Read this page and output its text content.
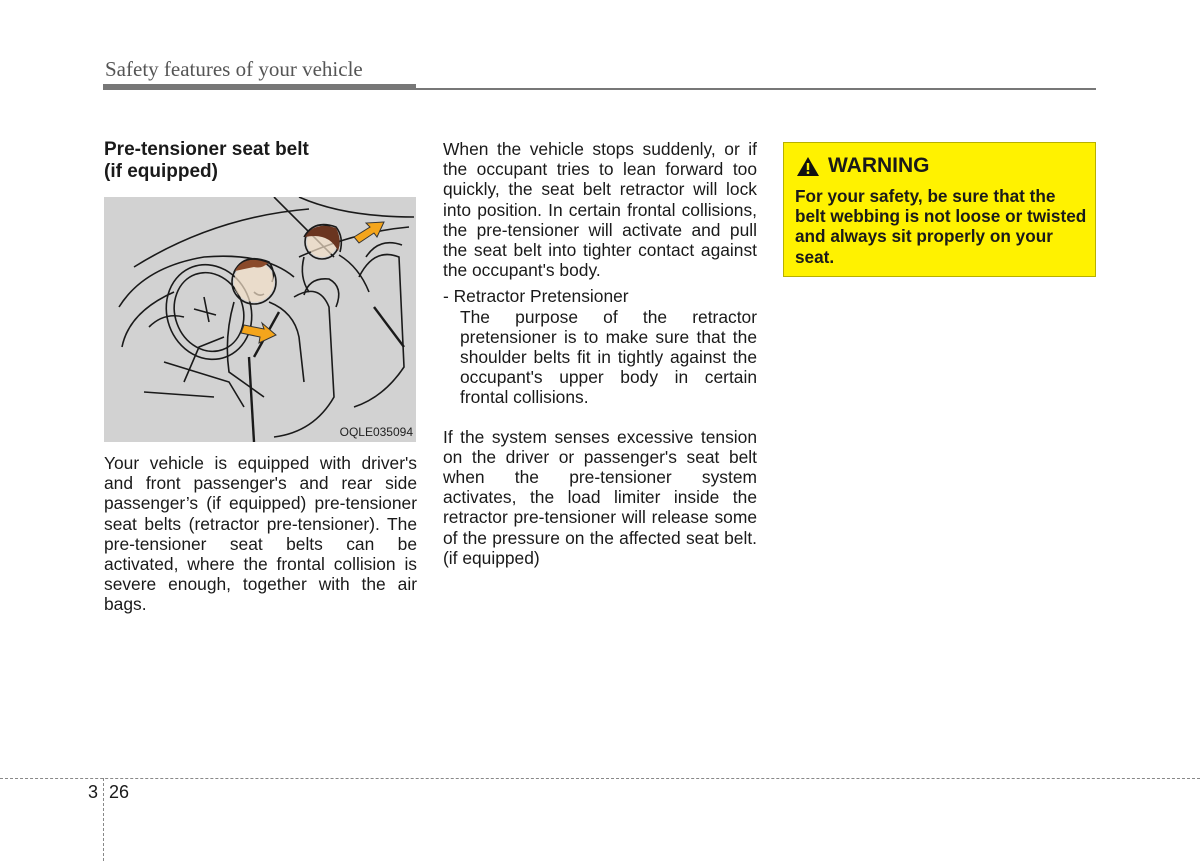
Safety features of your vehicle
Pre-tensioner seat belt
(if equipped)
OQLE035094

Your vehicle is equipped with driver's and front passenger's and rear side passenger’s (if equipped) pre-tensioner seat belts (retractor pre-tensioner). The pre-tensioner seat belts can be activated, where the frontal collision is severe enough, together with the air bags.

When the vehicle stops suddenly, or if the occupant tries to lean forward too quickly, the seat belt retractor will lock into position. In certain frontal collisions, the pre-tensioner will activate and pull the seat belt into tighter contact against the occupant's body.

- Retractor Pretensioner

The purpose of the retractor pretensioner is to make sure that the shoulder belts fit in tightly against the occupant's upper body in certain frontal collisions.

If the system senses excessive tension on the driver or passenger's seat belt when the pre-tensioner system activates, the load limiter inside the retractor pre-tensioner will release some of the pressure on the affected seat belt. (if equipped)

WARNING
For your safety, be sure that the belt webbing is not loose or twisted and always sit properly on your seat.
3 26
